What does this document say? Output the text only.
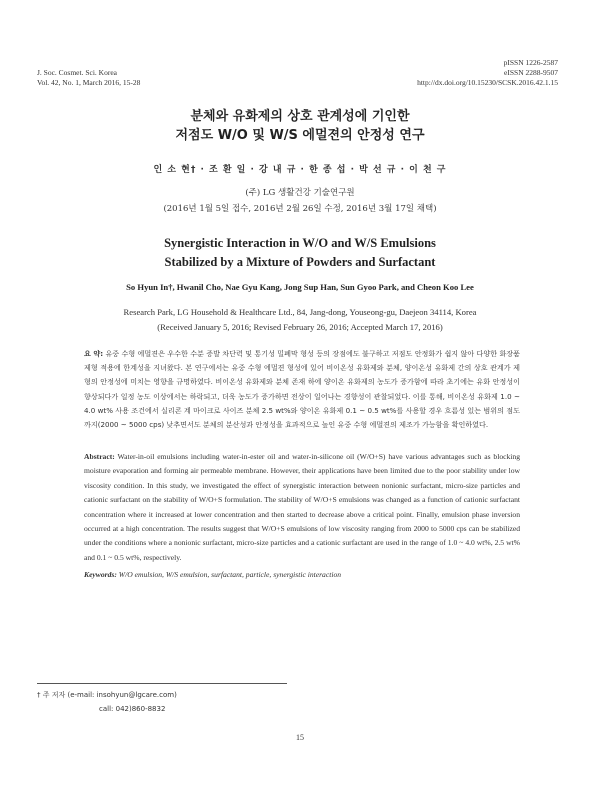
J. Soc. Cosmet. Sci. Korea
Vol. 42, No. 1, March 2016, 15-28
pISSN 1226-2587
eISSN 2288-9507
http://dx.doi.org/10.15230/SCSK.2016.42.1.15
분체와 유화제의 상호 관계성에 기인한
저점도 W/O 및 W/S 에멀젼의 안정성 연구
인 소 현† · 조 환 일 · 강 내 규 · 한 종 섭 · 박 선 규 · 이 천 구
(주) LG 생활건강 기술연구원
(2016년 1월 5일 접수, 2016년 2월 26일 수정, 2016년 3월 17일 채택)
Synergistic Interaction in W/O and W/S Emulsions
Stabilized by a Mixture of Powders and Surfactant
So Hyun In†, Hwanil Cho, Nae Gyu Kang, Jong Sup Han, Sun Gyoo Park, and Cheon Koo Lee
Research Park, LG Household & Healthcare Ltd., 84, Jang-dong, Youseong-gu, Daejeon 34114, Korea
(Received January 5, 2016; Revised February 26, 2016; Accepted March 17, 2016)
요 약: 유중 수형 에멀젼은 우수한 수분 증발 차단력 및 통기성 밀폐막 형성 등의 장점에도 불구하고 저점도 안정화가 쉽지 않아 다양한 화장품 제형 적용에 한계성을 지녀왔다. 본 연구에서는 유중 수형 에멀젼 형성에 있어 비이온성 유화제와 분체, 양이온성 유화제 간의 상호 관계가 제형의 안정성에 미치는 영향을 규명하였다. 비이온성 유화제와 분체 존재 하에 양이온 유화제의 농도가 증가함에 따라 초기에는 유화 안정성이 향상되다가 일정 농도 이상에서는 하락되고, 더욱 농도가 증가하면 전상이 일어나는 경향성이 관찰되었다. 이를 통해, 비이온성 유화제 1.0 ~ 4.0 wt% 사용 조건에서 실리콘 계 마이크로 사이즈 분체 2.5 wt%와 양이온 유화제 0.1 ~ 0.5 wt%를 사용할 경우 흐름성 있는 범위의 점도까지(2000 ~ 5000 cps) 낮추면서도 분체의 분산성과 안정성을 효과적으로 높인 유중 수형 에멀젼의 제조가 가능함을 확인하였다.
Abstract: Water-in-oil emulsions including water-in-ester oil and water-in-silicone oil (W/O+S) have various advantages such as blocking moisture evaporation and forming air permeable membrane. However, their applications have been limited due to the poor stability under low viscosity condition. In this study, we investigated the effect of synergistic interaction between nonionic surfactant, micro-size particles and cationic surfactant on the stability of W/O+S formulation. The stability of W/O+S emulsions was changed as a function of cationic surfactant concentration where it increased at lower concentration and then started to decrease above a critical point. Finally, emulsion phase inversion occurred at a high concentration. The results suggest that W/O+S emulsions of low viscosity ranging from 2000 to 5000 cps can be stabilized under the conditions where a nonionic surfactant, micro-size particles and a cationic surfactant are used in the range of 1.0 ~ 4.0 wt%, 2.5 wt% and 0.1 ~ 0.5 wt%, respectively.
Keywords: W/O emulsion, W/S emulsion, surfactant, particle, synergistic interaction
† 주 저자 (e-mail: insohyun@lgcare.com)
call: 042)860-8832
15
